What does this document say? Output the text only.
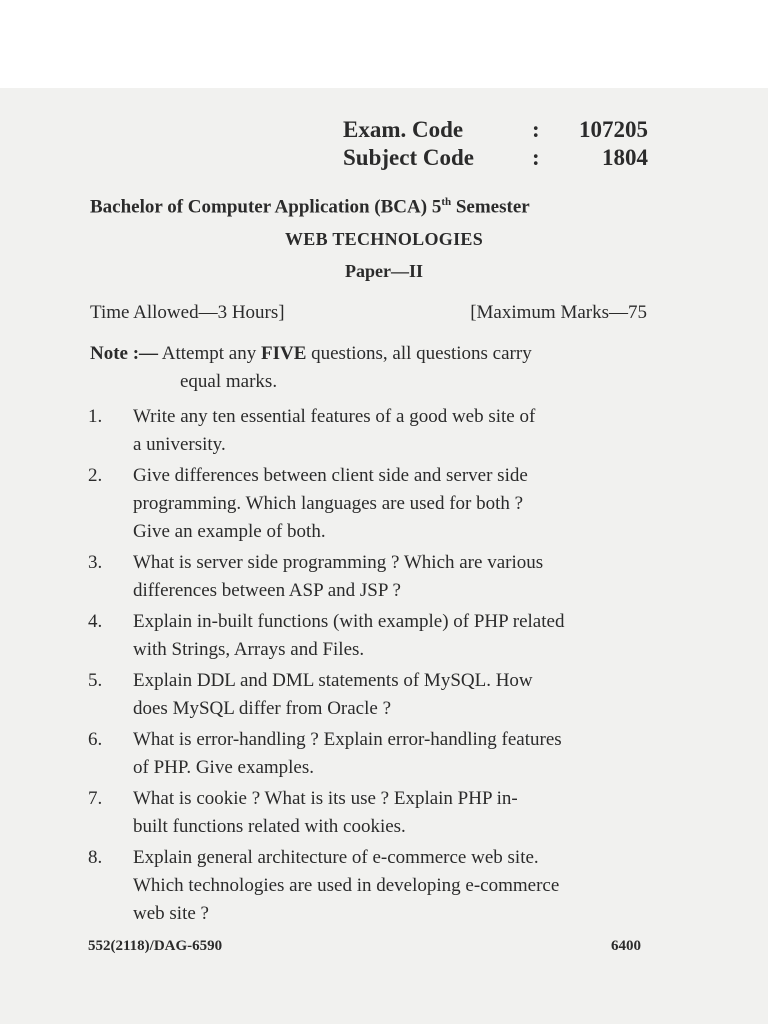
Exam. Code	: 107205
Subject Code	:	1804
Bachelor of Computer Application (BCA) 5th Semester
WEB TECHNOLOGIES
Paper—II
Time Allowed—3 Hours]	[Maximum Marks—75
Note :— Attempt any FIVE questions, all questions carry
equal marks.
1.	Write any ten essential features of a good web site of
a university.
2.	Give differences between client side and server side
programming. Which languages are used for both ?
Give an example of both.
3.	What is server side programming ? Which are various
differences between ASP and JSP ?
4.	Explain in-built functions (with example) of PHP related
with Strings, Arrays and Files.
5.	Explain DDL and DML statements of MySQL. How
does MySQL differ from Oracle ?
6.	What is error-handling ? Explain error-handling features
of PHP. Give examples.
7.	What is cookie ? What is its use ? Explain PHP in-
built functions related with cookies.
8.	Explain general architecture of e-commerce web site.
Which technologies are used in developing e-commerce
web site ?
552(2118)/DAG-6590	6400
